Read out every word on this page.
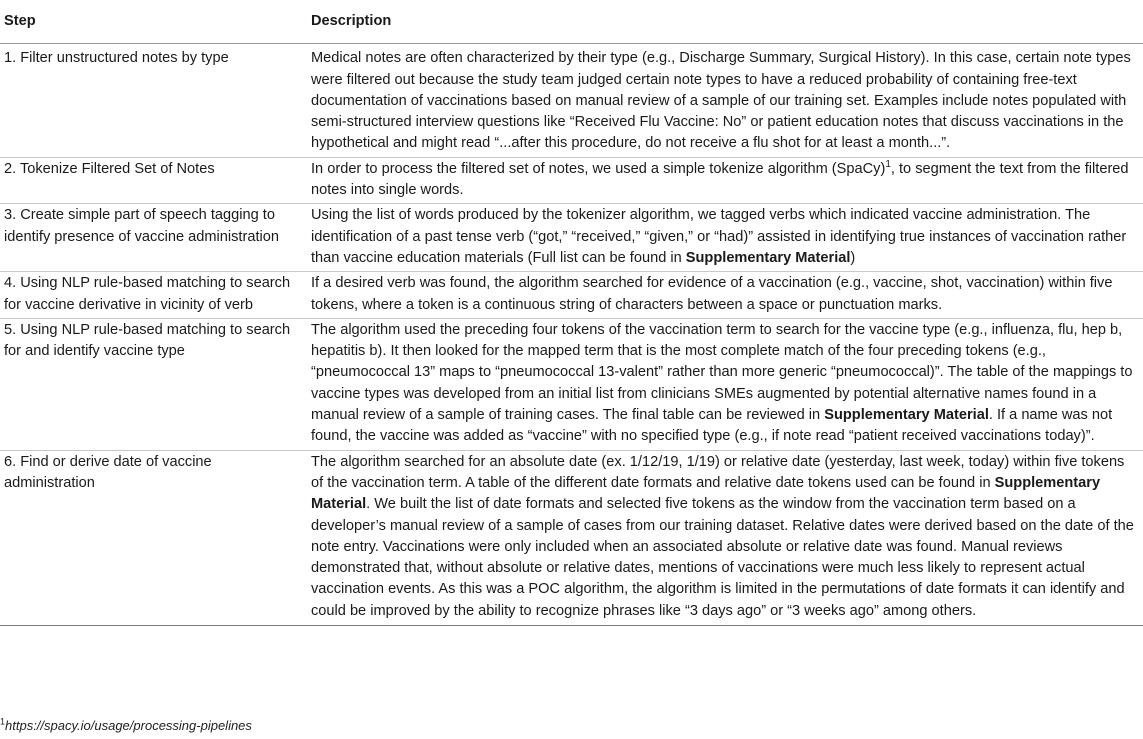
Step	Description
1. Filter unstructured notes by type	Medical notes are often characterized by their type (e.g., Discharge Summary, Surgical History). In this case, certain note types were filtered out because the study team judged certain note types to have a reduced probability of containing free-text documentation of vaccinations based on manual review of a sample of our training set. Examples include notes populated with semi-structured interview questions like “Received Flu Vaccine: No” or patient education notes that discuss vaccinations in the hypothetical and might read “...after this procedure, do not receive a flu shot for at least a month...”.
2. Tokenize Filtered Set of Notes	In order to process the filtered set of notes, we used a simple tokenize algorithm (SpaCy)$^1$, to segment the text from the filtered notes into single words.
3. Create simple part of speech tagging to identify presence of vaccine administration	Using the list of words produced by the tokenizer algorithm, we tagged verbs which indicated vaccine administration. The identification of a past tense verb (“got,” “received,” “given,” or “had)” assisted in identifying true instances of vaccination rather than vaccine education materials (Full list can be found in Supplementary Material)
4. Using NLP rule-based matching to search for vaccine derivative in vicinity of verb	If a desired verb was found, the algorithm searched for evidence of a vaccination (e.g., vaccine, shot, vaccination) within five tokens, where a token is a continuous string of characters between a space or punctuation marks.
5. Using NLP rule-based matching to search for and identify vaccine type	The algorithm used the preceding four tokens of the vaccination term to search for the vaccine type (e.g., influenza, flu, hep b, hepatitis b). It then looked for the mapped term that is the most complete match of the four preceding tokens (e.g., “pneumococcal 13” maps to “pneumococcal 13-valent” rather than more generic “pneumococcal)”. The table of the mappings to vaccine types was developed from an initial list from clinicians SMEs augmented by potential alternative names found in a manual review of a sample of training cases. The final table can be reviewed in Supplementary Material. If a name was not found, the vaccine was added as “vaccine” with no specified type (e.g., if note read “patient received vaccinations today)”.
6. Find or derive date of vaccine administration	The algorithm searched for an absolute date (ex. 1/12/19, 1/19) or relative date (yesterday, last week, today) within five tokens of the vaccination term. A table of the different date formats and relative date tokens used can be found in Supplementary Material. We built the list of date formats and selected five tokens as the window from the vaccination term based on a developer’s manual review of a sample of cases from our training dataset. Relative dates were derived based on the date of the note entry. Vaccinations were only included when an associated absolute or relative date was found. Manual reviews demonstrated that, without absolute or relative dates, mentions of vaccinations were much less likely to represent actual vaccination events. As this was a POC algorithm, the algorithm is limited in the permutations of date formats it can identify and could be improved by the ability to recognize phrases like “3 days ago” or “3 weeks ago” among others.
$^1$https://spacy.io/usage/processing-pipelines
